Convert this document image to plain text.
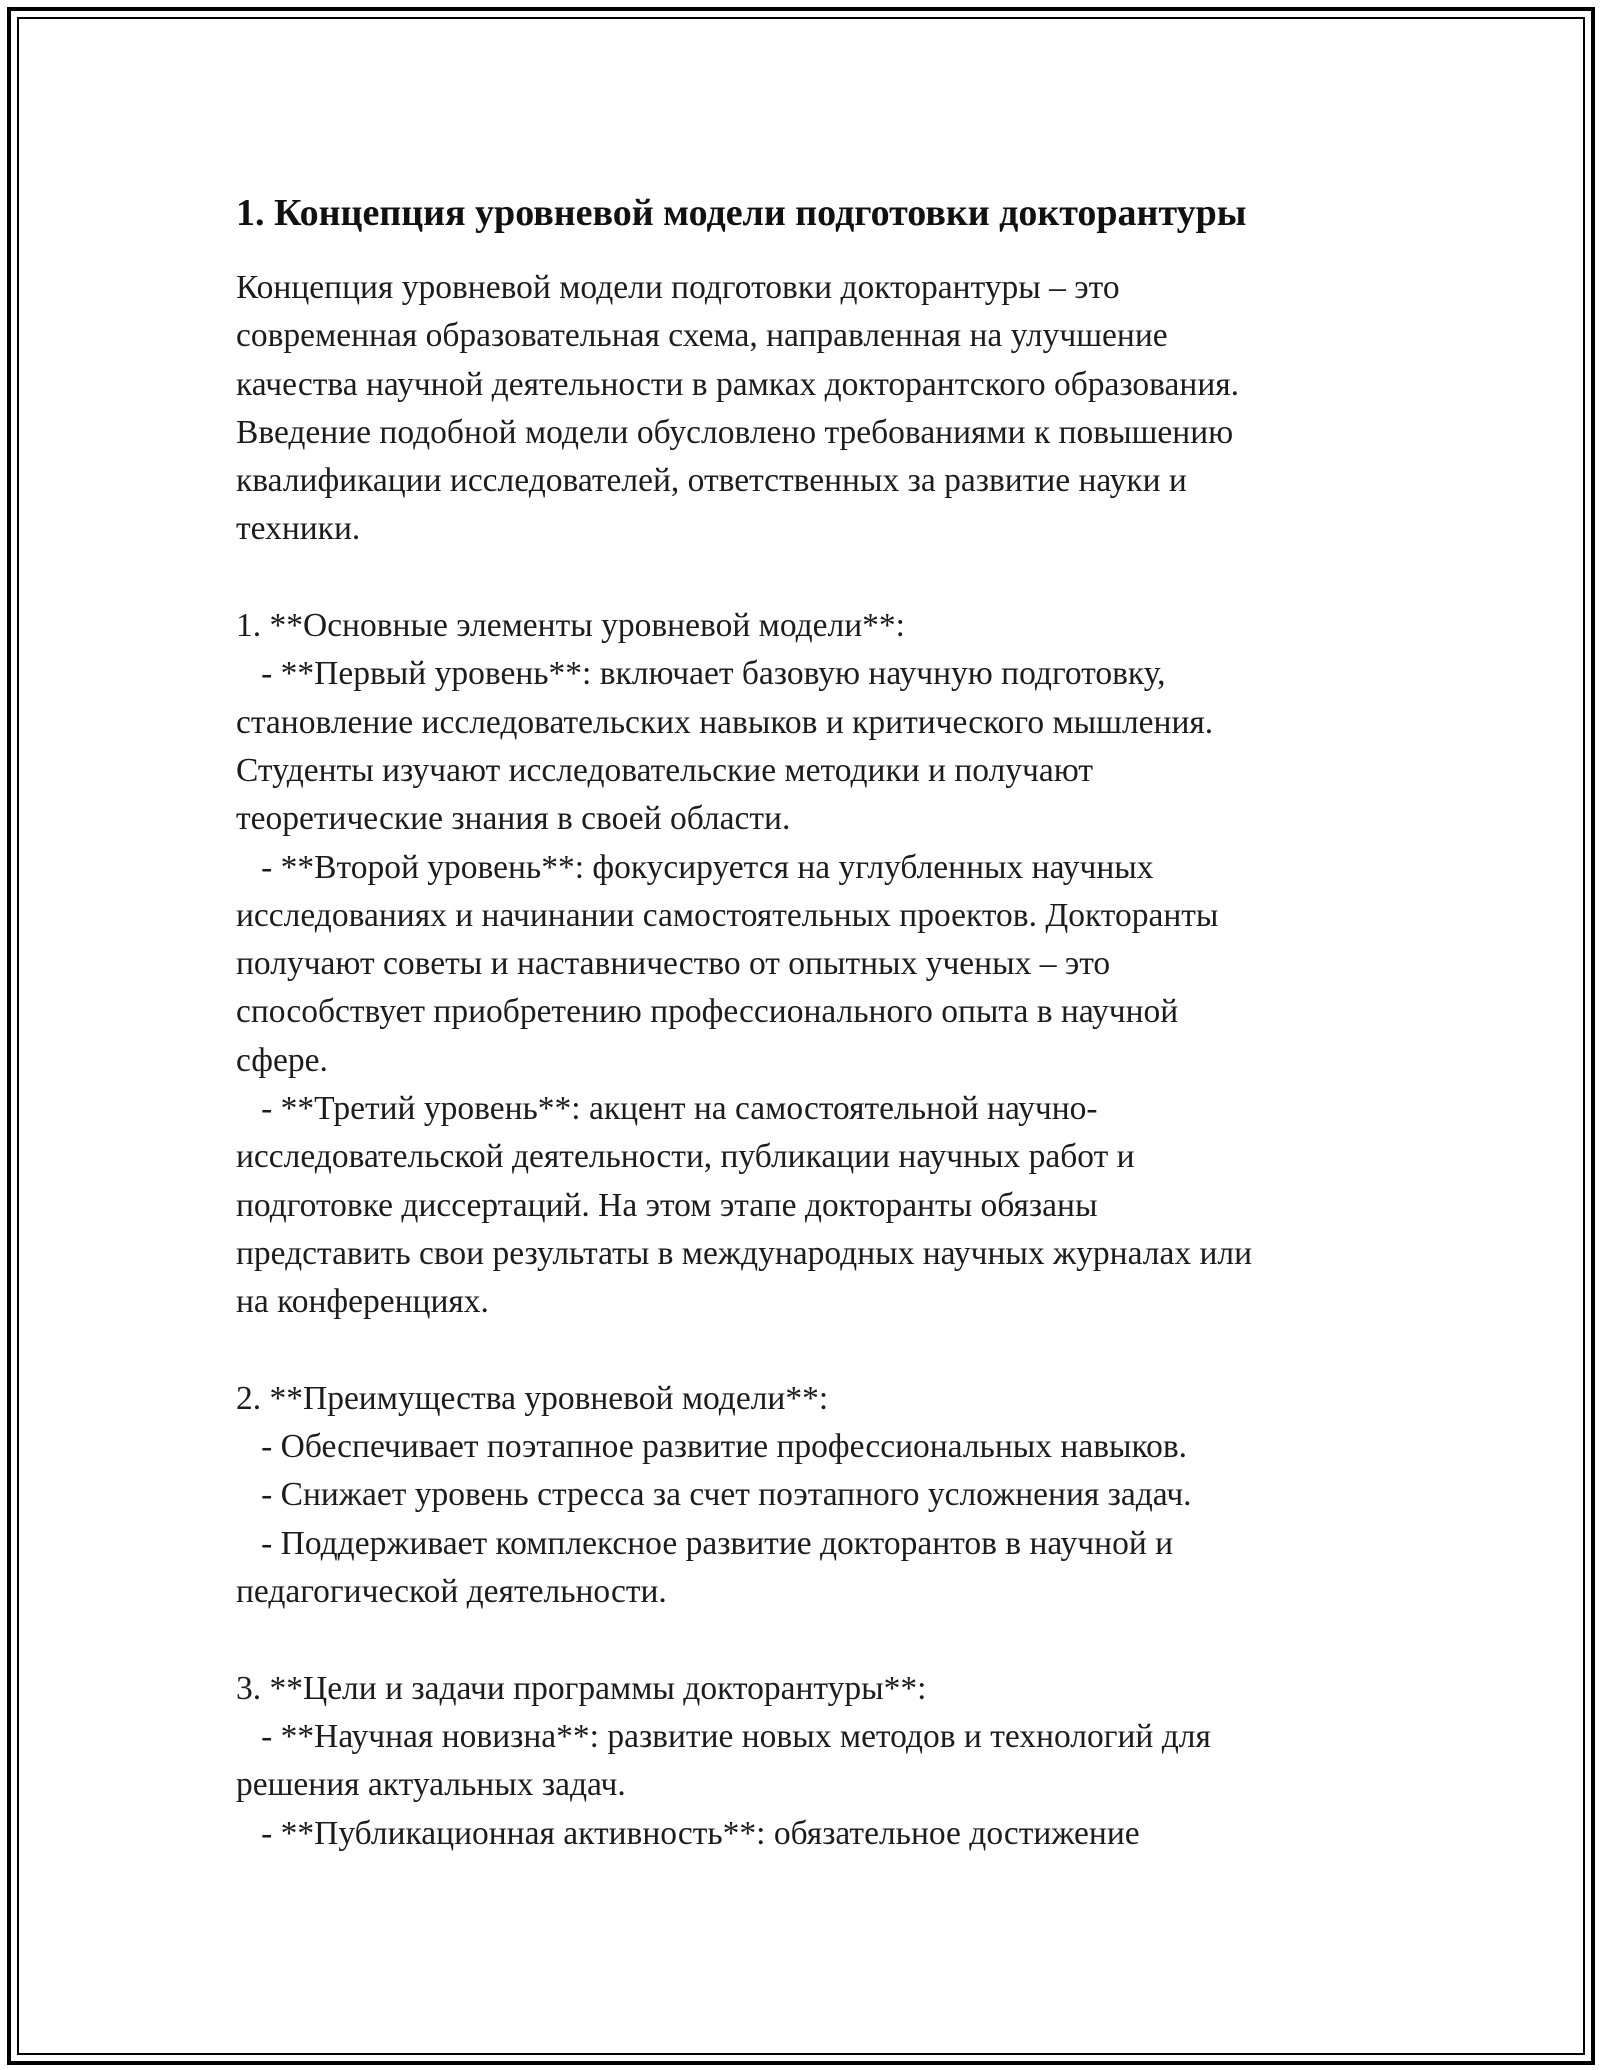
1. Концепция уровневой модели подготовки докторантуры

Концепция уровневой модели подготовки докторантуры – это
современная образовательная схема, направленная на улучшение
качества научной деятельности в рамках докторантского образования.
Введение подобной модели обусловлено требованиями к повышению
квалификации исследователей, ответственных за развитие науки и
техники.

1. **Основные элементы уровневой модели**:
- **Первый уровень**: включает базовую научную подготовку,
становление исследовательских навыков и критического мышления.
Студенты изучают исследовательские методики и получают
теоретические знания в своей области.
- **Второй уровень**: фокусируется на углубленных научных
исследованиях и начинании самостоятельных проектов. Докторанты
получают советы и наставничество от опытных ученых – это
способствует приобретению профессионального опыта в научной
сфере.
- **Третий уровень**: акцент на самостоятельной научно-
исследовательской деятельности, публикации научных работ и
подготовке диссертаций. На этом этапе докторанты обязаны
представить свои результаты в международных научных журналах или
на конференциях.

2. **Преимущества уровневой модели**:
- Обеспечивает поэтапное развитие профессиональных навыков.
- Снижает уровень стресса за счет поэтапного усложнения задач.
- Поддерживает комплексное развитие докторантов в научной и
педагогической деятельности.

3. **Цели и задачи программы докторантуры**:
- **Научная новизна**: развитие новых методов и технологий для
решения актуальных задач.
- **Публикационная активность**: обязательное достижение
